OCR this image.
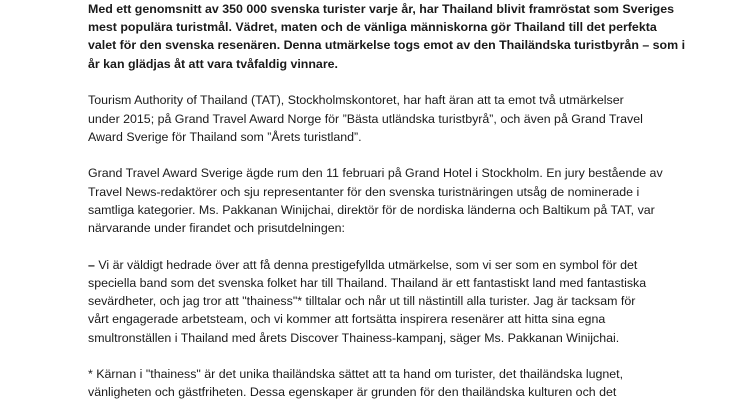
Med ett genomsnitt av 350 000 svenska turister varje år, har Thailand blivit framröstat som Sveriges
mest populära turistmål. Vädret, maten och de vänliga människorna gör Thailand till det perfekta
valet för den svenska resenären. Denna utmärkelse togs emot av den Thailändska turistbyrån – som i
år kan glädjas åt att vara tvåfaldig vinnare.

Tourism Authority of Thailand (TAT), Stockholmskontoret, har haft äran att ta emot två utmärkelser
under 2015; på Grand Travel Award Norge för ”Bästa utländska turistbyrå”, och även på Grand Travel
Award Sverige för Thailand som ”Årets turistland”.

Grand Travel Award Sverige ägde rum den 11 februari på Grand Hotel i Stockholm. En jury bestående av
Travel News-redaktörer och sju representanter för den svenska turistnäringen utsåg de nominerade i
samtliga kategorier. Ms. Pakkanan Winijchai, direktör för de nordiska länderna och Baltikum på TAT, var
närvarande under firandet och prisutdelningen:

– Vi är väldigt hedrade över att få denna prestigefyllda utmärkelse, som vi ser som en symbol för det
speciella band som det svenska folket har till Thailand. Thailand är ett fantastiskt land med fantastiska
sevärdheter, och jag tror att "thainess"* tilltalar och når ut till nästintill alla turister. Jag är tacksam för
vårt engagerade arbetsteam, och vi kommer att fortsätta inspirera resenärer att hitta sina egna
smultronställen i Thailand med årets Discover Thainess-kampanj, säger Ms. Pakkanan Winijchai.

* Kärnan i "thainess" är det unika thailändska sättet att ta hand om turister, det thailändska lugnet,
vänligheten och gästfriheten. Dessa egenskaper är grunden för den thailändska kulturen och det
